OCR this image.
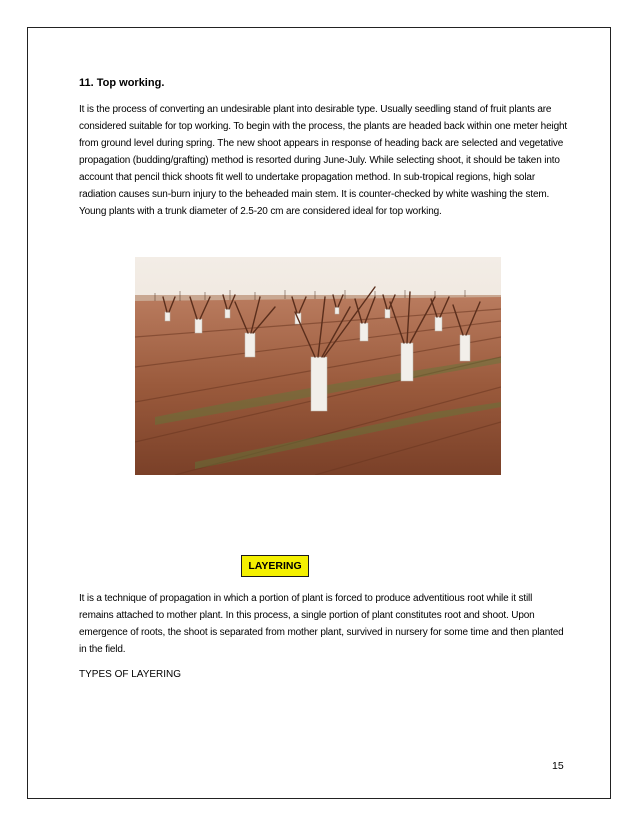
11. Top working.

It is the process of converting an undesirable plant into desirable type. Usually seedling stand of fruit plants are considered suitable for top working. To begin with the process, the plants are headed back within one meter height from ground level during spring. The new shoot appears in response of heading back are selected and vegetative propagation (budding/grafting) method is resorted during June-July. While selecting shoot, it should be taken into account that pencil thick shoots fit well to undertake propagation method. In sub-tropical regions, high solar radiation causes sun-burn injury to the beheaded main stem. It is counter-checked by white washing the stem. Young plants with a trunk diameter of 2.5-20 cm are considered ideal for top working.

LAYERING

It is a technique of propagation in which a portion of plant is forced to produce adventitious root while it still remains attached to mother plant. In this process, a single portion of plant constitutes root and shoot. Upon emergence of roots, the shoot is separated from mother plant, survived in nursery for some time and then planted in the field.

TYPES OF LAYERING

15
